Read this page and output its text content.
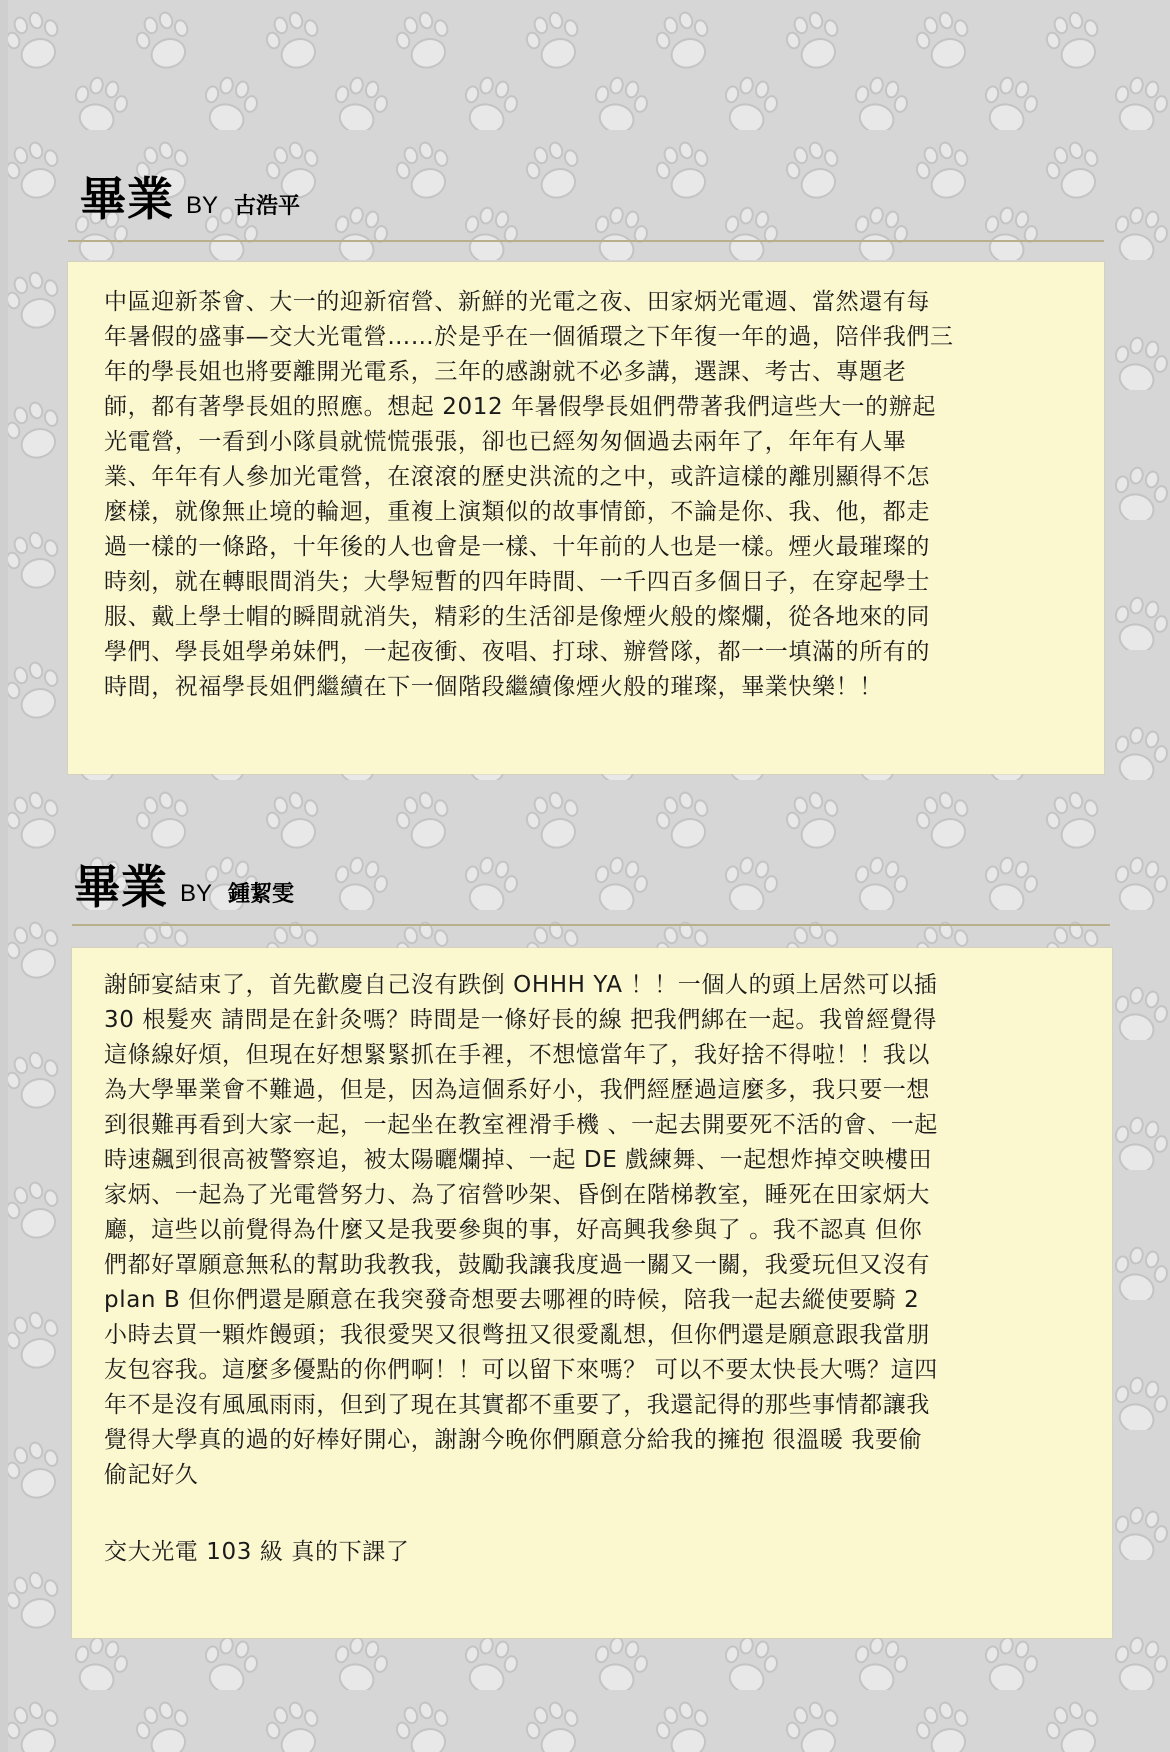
畢業 BY 古浩平

中區迎新茶會、大一的迎新宿營、新鮮的光電之夜、田家炳光電週、當然還有每
年暑假的盛事—交大光電營……於是乎在一個循環之下年復一年的過，陪伴我們三
年的學長姐也將要離開光電系，三年的感謝就不必多講，選課、考古、專題老
師，都有著學長姐的照應。想起 2012 年暑假學長姐們帶著我們這些大一的辦起
光電營，一看到小隊員就慌慌張張，卻也已經匆匆個過去兩年了，年年有人畢
業、年年有人參加光電營，在滾滾的歷史洪流的之中，或許這樣的離別顯得不怎
麼樣，就像無止境的輪迴，重複上演類似的故事情節，不論是你、我、他，都走
過一樣的一條路，十年後的人也會是一樣、十年前的人也是一樣。煙火最璀璨的
時刻，就在轉眼間消失；大學短暫的四年時間、一千四百多個日子，在穿起學士
服、戴上學士帽的瞬間就消失，精彩的生活卻是像煙火般的燦爛，從各地來的同
學們、學長姐學弟妹們，一起夜衝、夜唱、打球、辦營隊，都一一填滿的所有的
時間，祝福學長姐們繼續在下一個階段繼續像煙火般的璀璨，畢業快樂！！

畢業 BY 鍾絜雯

謝師宴結束了，首先歡慶自己沒有跌倒 OHHH YA ！！一個人的頭上居然可以插
30 根髮夾 請問是在針灸嗎？時間是一條好長的線 把我們綁在一起。我曾經覺得
這條線好煩，但現在好想緊緊抓在手裡，不想憶當年了，我好捨不得啦！！我以
為大學畢業會不難過，但是，因為這個系好小，我們經歷過這麼多，我只要一想
到很難再看到大家一起，一起坐在教室裡滑手機 、一起去開要死不活的會、一起
時速飆到很高被警察追，被太陽曬爛掉、一起 DE 戲練舞、一起想炸掉交映樓田
家炳、一起為了光電營努力、為了宿營吵架、昏倒在階梯教室，睡死在田家炳大
廳，這些以前覺得為什麼又是我要參與的事，好高興我參與了 。我不認真 但你
們都好罩願意無私的幫助我教我，鼓勵我讓我度過一關又一關，我愛玩但又沒有
plan B 但你們還是願意在我突發奇想要去哪裡的時候，陪我一起去縱使要騎 2
小時去買一顆炸饅頭；我很愛哭又很彆扭又很愛亂想，但你們還是願意跟我當朋
友包容我。這麼多優點的你們啊！！可以留下來嗎？ 可以不要太快長大嗎？這四
年不是沒有風風雨雨，但到了現在其實都不重要了，我還記得的那些事情都讓我
覺得大學真的過的好棒好開心，謝謝今晚你們願意分給我的擁抱 很溫暖 我要偷
偷記好久

交大光電 103 級 真的下課了
